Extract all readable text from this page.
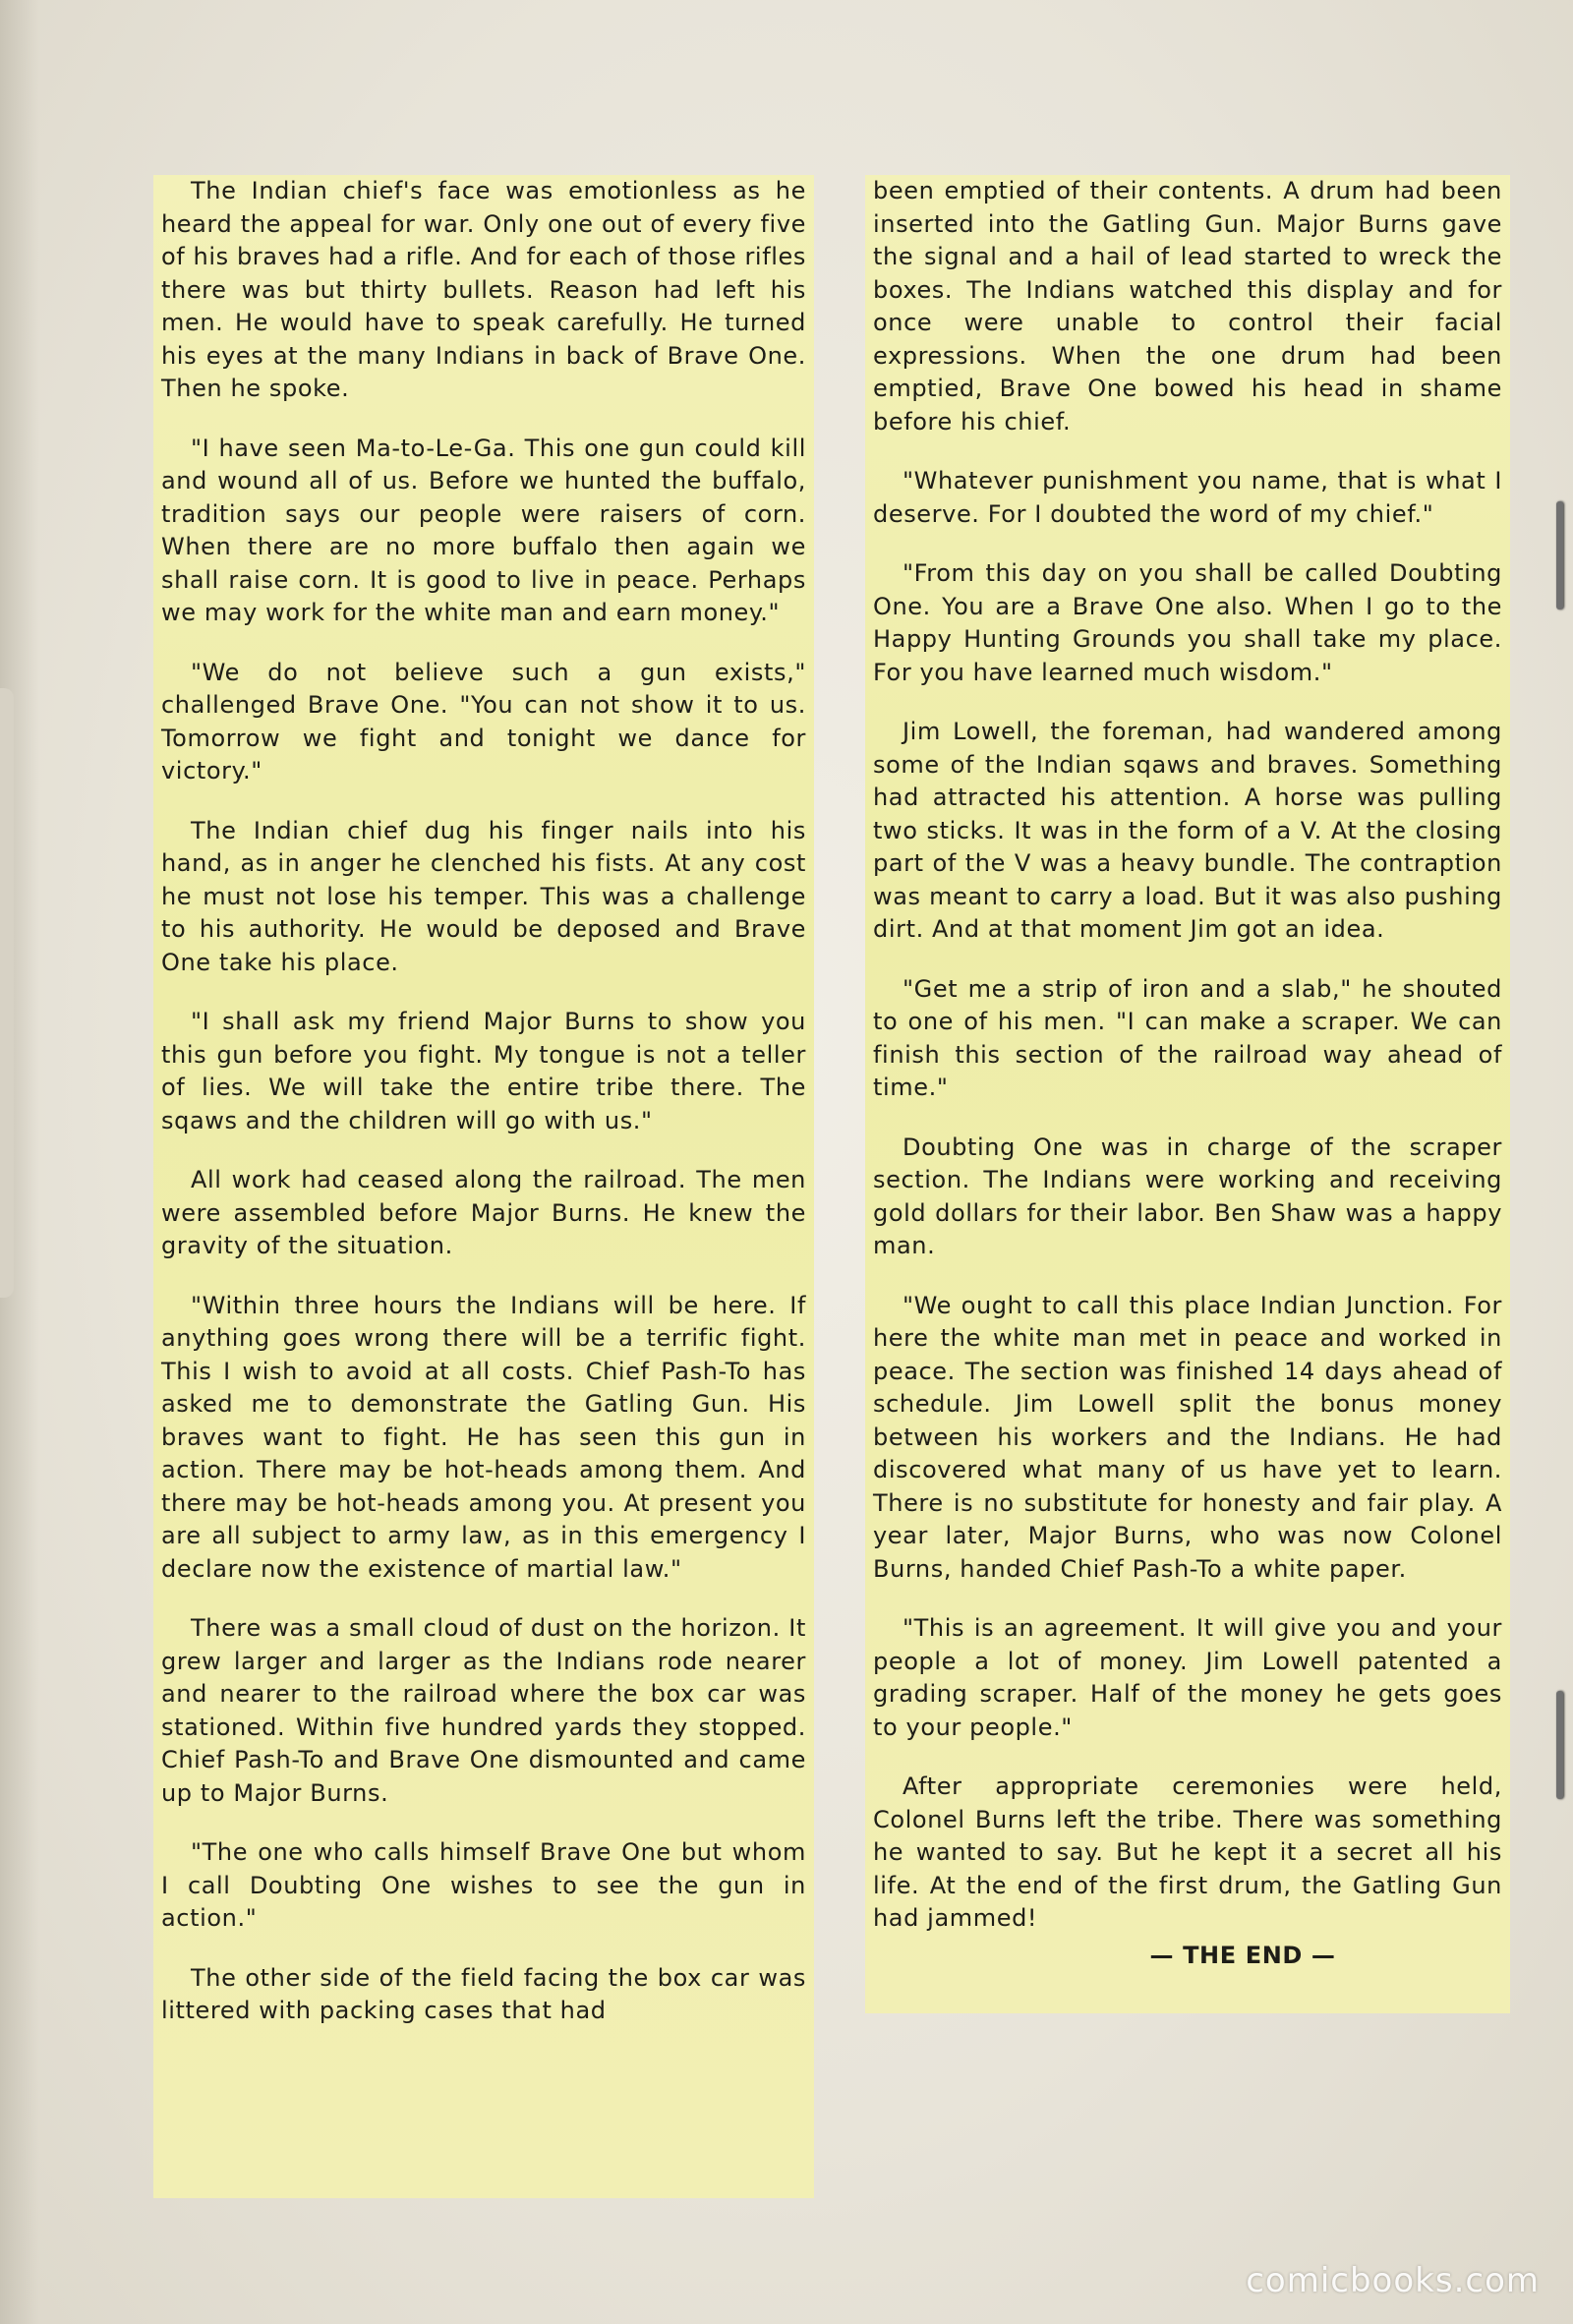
The Indian chief's face was emotionless as he heard the appeal for war. Only one out of every five of his braves had a rifle. And for each of those rifles there was but thirty bullets. Reason had left his men. He would have to speak carefully. He turned his eyes at the many Indians in back of Brave One. Then he spoke.

"I have seen Ma-to-Le-Ga. This one gun could kill and wound all of us. Before we hunted the buffalo, tradition says our people were raisers of corn. When there are no more buffalo then again we shall raise corn. It is good to live in peace. Perhaps we may work for the white man and earn money."

"We do not believe such a gun exists," challenged Brave One. "You can not show it to us. Tomorrow we fight and tonight we dance for victory."

The Indian chief dug his finger nails into his hand, as in anger he clenched his fists. At any cost he must not lose his temper. This was a challenge to his authority. He would be deposed and Brave One take his place.

"I shall ask my friend Major Burns to show you this gun before you fight. My tongue is not a teller of lies. We will take the entire tribe there. The sqaws and the children will go with us."

All work had ceased along the railroad. The men were assembled before Major Burns. He knew the gravity of the situation.

"Within three hours the Indians will be here. If anything goes wrong there will be a terrific fight. This I wish to avoid at all costs. Chief Pash-To has asked me to demonstrate the Gatling Gun. His braves want to fight. He has seen this gun in action. There may be hot-heads among them. And there may be hot-heads among you. At present you are all subject to army law, as in this emergency I declare now the existence of martial law."

There was a small cloud of dust on the horizon. It grew larger and larger as the Indians rode nearer and nearer to the railroad where the box car was stationed. Within five hundred yards they stopped. Chief Pash-To and Brave One dismounted and came up to Major Burns.

"The one who calls himself Brave One but whom I call Doubting One wishes to see the gun in action."

The other side of the field facing the box car was littered with packing cases that had

been emptied of their contents. A drum had been inserted into the Gatling Gun. Major Burns gave the signal and a hail of lead started to wreck the boxes. The Indians watched this display and for once were unable to control their facial expressions. When the one drum had been emptied, Brave One bowed his head in shame before his chief.

"Whatever punishment you name, that is what I deserve. For I doubted the word of my chief."

"From this day on you shall be called Doubting One. You are a Brave One also. When I go to the Happy Hunting Grounds you shall take my place. For you have learned much wisdom."

Jim Lowell, the foreman, had wandered among some of the Indian sqaws and braves. Something had attracted his attention. A horse was pulling two sticks. It was in the form of a V. At the closing part of the V was a heavy bundle. The contraption was meant to carry a load. But it was also pushing dirt. And at that moment Jim got an idea.

"Get me a strip of iron and a slab," he shouted to one of his men. "I can make a scraper. We can finish this section of the railroad way ahead of time."

Doubting One was in charge of the scraper section. The Indians were working and receiving gold dollars for their labor. Ben Shaw was a happy man.

"We ought to call this place Indian Junction. For here the white man met in peace and worked in peace. The section was finished 14 days ahead of schedule. Jim Lowell split the bonus money between his workers and the Indians. He had discovered what many of us have yet to learn. There is no substitute for honesty and fair play. A year later, Major Burns, who was now Colonel Burns, handed Chief Pash-To a white paper.

"This is an agreement. It will give you and your people a lot of money. Jim Lowell patented a grading scraper. Half of the money he gets goes to your people."

After appropriate ceremonies were held, Colonel Burns left the tribe. There was something he wanted to say. But he kept it a secret all his life. At the end of the first drum, the Gatling Gun had jammed!

— THE END —

comicbooks.com
